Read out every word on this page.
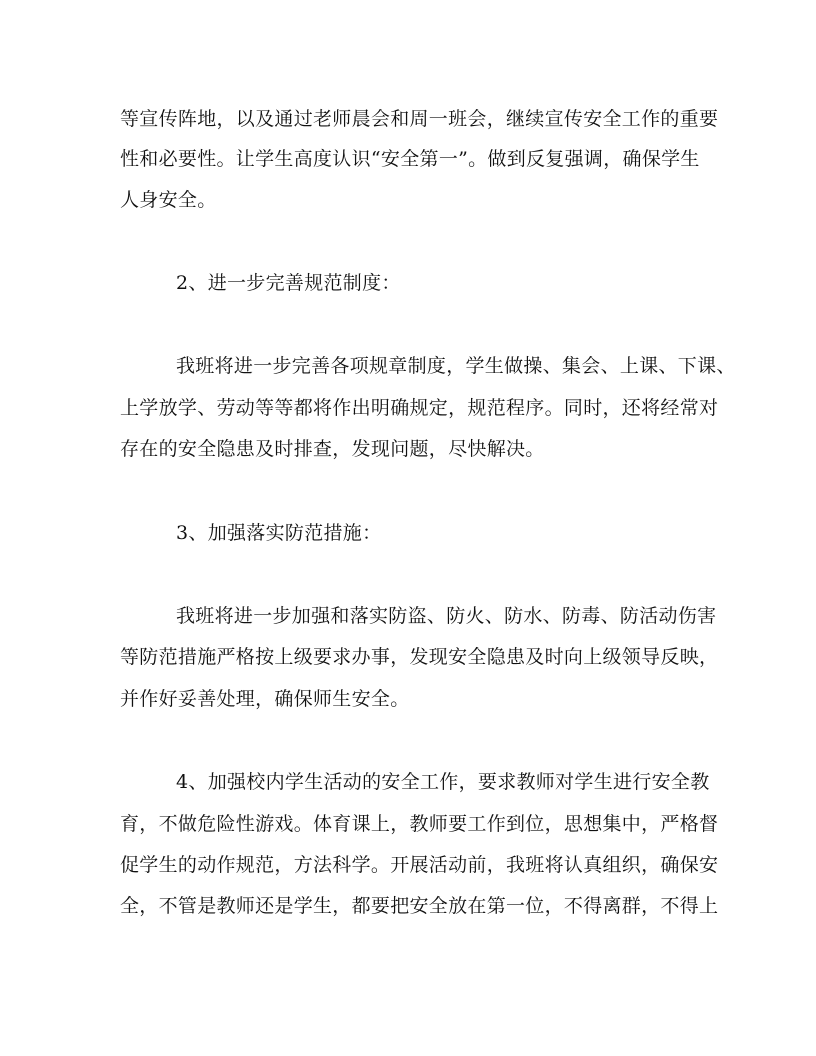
等宣传阵地，以及通过老师晨会和周一班会，继续宣传安全工作的重要
性和必要性。让学生高度认识“安全第一”。做到反复强调，确保学生
人身安全。
2、进一步完善规范制度：
我班将进一步完善各项规章制度，学生做操、集会、上课、下课、
上学放学、劳动等等都将作出明确规定，规范程序。同时，还将经常对
存在的安全隐患及时排查，发现问题，尽快解决。
3、加强落实防范措施：
我班将进一步加强和落实防盗、防火、防水、防毒、防活动伤害
等防范措施严格按上级要求办事，发现安全隐患及时向上级领导反映，
并作好妥善处理，确保师生安全。
4、加强校内学生活动的安全工作，要求教师对学生进行安全教
育，不做危险性游戏。体育课上，教师要工作到位，思想集中，严格督
促学生的动作规范，方法科学。开展活动前，我班将认真组织，确保安
全，不管是教师还是学生，都要把安全放在第一位，不得离群，不得上
